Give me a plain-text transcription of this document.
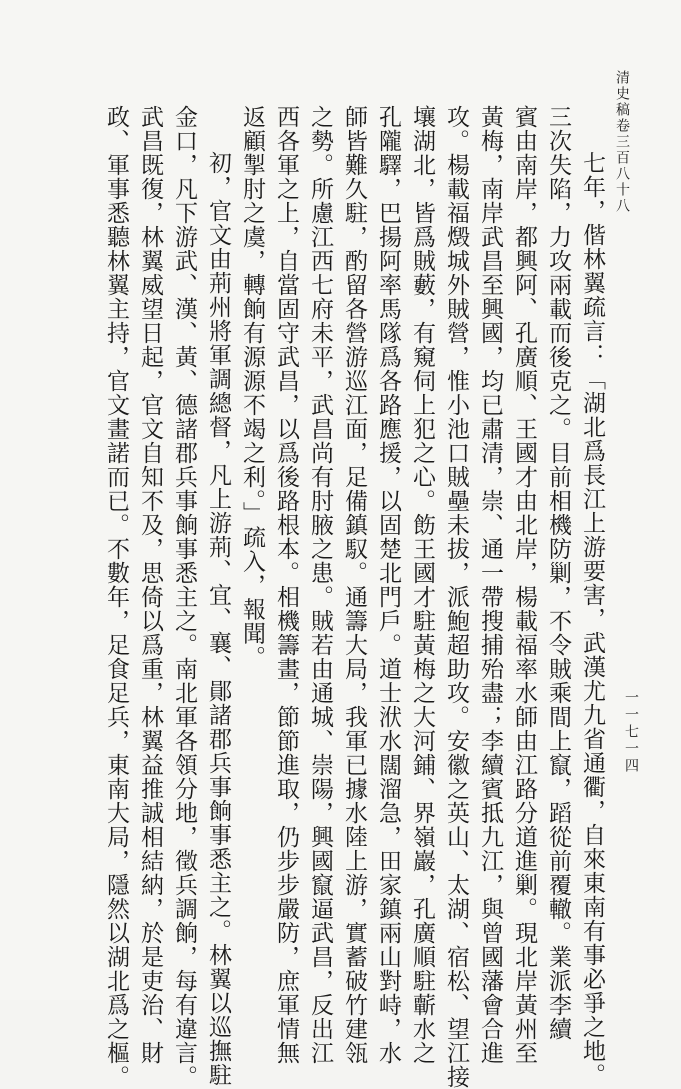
清史稿卷三百八十八
一一七一四
七年，偕林翼疏言：「湖北爲長江上游要害，武漢尤九省通衢，自來東南有事必爭之地。
三次失陷，力攻兩載而後克之。目前相機防剿，不令賊乘間上竄，蹈從前覆轍。業派李續
賓由南岸，都興阿、孔廣順、王國才由北岸，楊載福率水師由江路分道進剿。現北岸黃州至
黃梅，南岸武昌至興國，均已肅清，崇、通一帶搜捕殆盡；李續賓抵九江，與曾國藩會合進
攻。楊載福燬城外賊營，惟小池口賊壘未拔，派鮑超助攻。安徽之英山、太湖、宿松、望江接
壤湖北，皆爲賊藪，有窺伺上犯之心。飭王國才駐黃梅之大河鋪、界嶺巖，孔廣順駐蘄水之
孔隴驛，巴揚阿率馬隊爲各路應援，以固楚北門戶。道士洑水闊溜急，田家鎮兩山對峙，水
師皆難久駐，酌留各營游巡江面，足備鎮馭。通籌大局，我軍已據水陸上游，實蓄破竹建瓴
之勢。所慮江西七府未平，武昌尚有肘腋之患。賊若由通城、崇陽，興國竄逼武昌，反出江
西各軍之上，自當固守武昌，以爲後路根本。相機籌畫，節節進取，仍步步嚴防，庶軍情無
返顧掣肘之虞，轉餉有源源不竭之利。」疏入，報聞。
初，官文由荊州將軍調總督，凡上游荊、宜、襄、鄖諸郡兵事餉事悉主之。林翼以巡撫駐
金口，凡下游武、漢、黃、德諸郡兵事餉事悉主之。南北軍各領分地，徵兵調餉，每有違言。
武昌既復，林翼威望日起，官文自知不及，思倚以爲重，林翼益推誠相結納，於是吏治、財
政、軍事悉聽林翼主持，官文畫諾而已。不數年，足食足兵，東南大局，隱然以湖北爲之樞。
